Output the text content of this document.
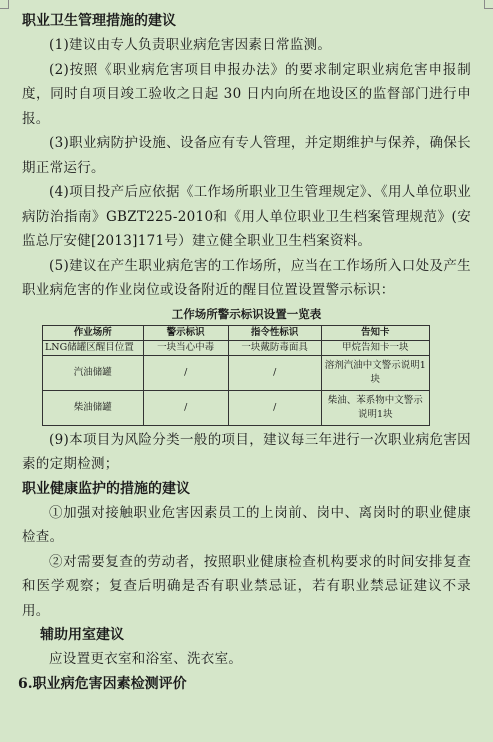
职业卫生管理措施的建议

(1)建议由专人负责职业病危害因素日常监测。

(2)按照《职业病危害项目申报办法》的要求制定职业病危害申报制度，同时自项目竣工验收之日起 30 日内向所在地设区的监督部门进行申报。

(3)职业病防护设施、设备应有专人管理，并定期维护与保养，确保长期正常运行。

(4)项目投产后应依据《工作场所职业卫生管理规定》、《用人单位职业病防治指南》GBZT225-2010和《用人单位职业卫生档案管理规范》(安监总厅安健[2013]171号）建立健全职业卫生档案资料。

(5)建议在产生职业病危害的工作场所，应当在工作场所入口处及产生职业病危害的作业岗位或设备附近的醒目位置设置警示标识：

工作场所警示标识设置一览表
作业场所	警示标识	指令性标识	告知卡
LNG储罐区醒目位置	一块当心中毒	一块戴防毒面具	甲烷告知卡一块
汽油储罐	/	/	溶剂汽油中文警示说明1块
柴油储罐	/	/	柴油、苯系物中文警示说明1块

(9)本项目为风险分类一般的项目，建议每三年进行一次职业病危害因素的定期检测；

职业健康监护的措施的建议

①加强对接触职业危害因素员工的上岗前、岗中、离岗时的职业健康检查。

②对需要复查的劳动者，按照职业健康检查机构要求的时间安排复查和医学观察；复查后明确是否有职业禁忌证，若有职业禁忌证建议不录用。

辅助用室建议

应设置更衣室和浴室、洗衣室。

6.职业病危害因素检测评价
